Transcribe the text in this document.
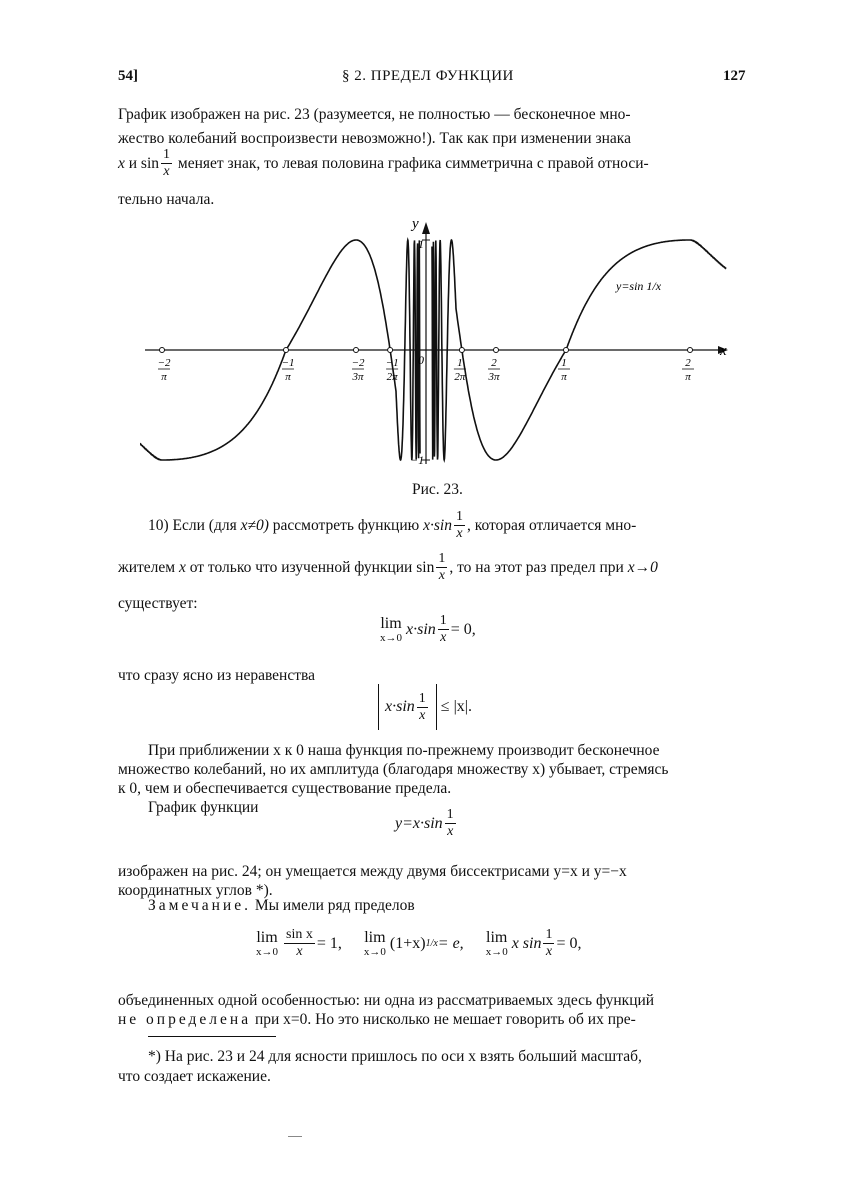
54]	§ 2. ПРЕДЕЛ ФУНКЦИИ	127
График изображен на рис. 23 (разумеется, не полностью — бесконечное мно-
жество колебаний воспроизвести невозможно!). Так как при изменении знака
x
и $\sin \frac{1}{x}$
меняет знак, то левая половина графика симметрична с правой относи-
тельно начала.
−2
π
−1
π
−2
3π
−1
2π
1
2π
2
3π
1
π
2
π
y
x
1
−1
0
y=sin 1/x
Рис. 23.
10) Если (для
x≠0)
рассмотреть функцию
$x\cdot\sin \frac{1}{x}$ , которая отличается мно-
жителем
x
от только что изученной функции $\sin \frac{1}{x}$ , то на этот раз предел при
x→0
существует:
lim
x→0
$x\cdot\sin \frac{1}{x} = 0$,
что сразу ясно из неравенства
$x\cdot\sin \frac{1}{x} \le |x|$.
При приближении x к 0 наша функция по-прежнему производит бесконечное
множество колебаний, но их амплитуда (благодаря множеству x) убывает, стремясь
к 0, чем и обеспечивается существование предела.
График функции
$y=x\cdot\sin \frac{1}{x}$
изображен на рис. 24; он умещается между двумя биссектрисами y=x и y=−x
координатных углов *).
Замечание. Мы имели ряд пределов
lim
$x\to 0 \frac{\text{sin x}}{x} = 1$, lim
x→0
(1+x) 1/x = e, lim
x→0
x $\sin \frac{1}{x} = 0$,
объединенных одной особенностью: ни одна из рассматриваемых здесь функций
не определена при x=0. Но это нисколько не мешает говорить об их пре-
*) На рис. 23 и 24 для ясности пришлось по оси x взять больший масштаб,
что создает искажение.
